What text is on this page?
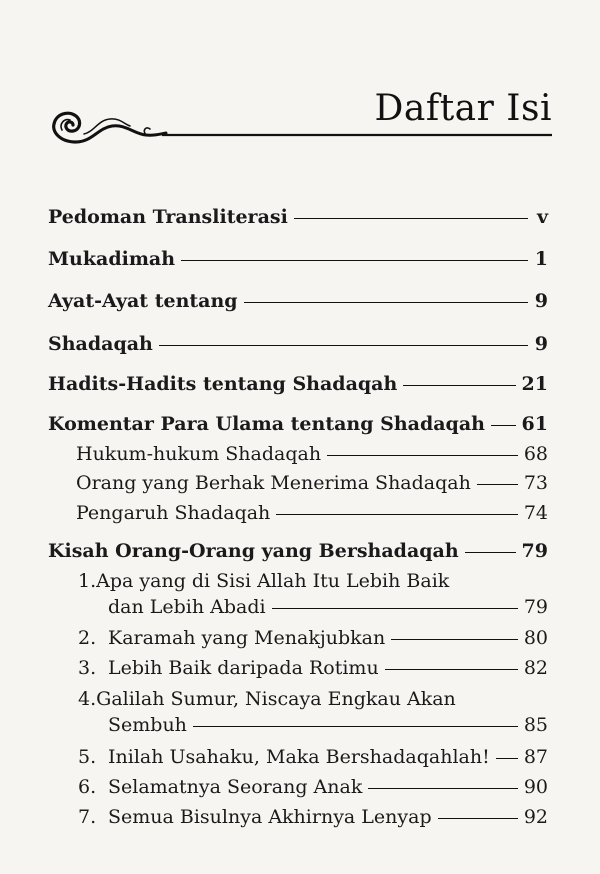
Daftar Isi
Pedoman Transliterasi	v
Mukadimah	1
Ayat-Ayat tentang	9
Shadaqah	9
Hadits-Hadits tentang Shadaqah	21
Komentar Para Ulama tentang Shadaqah 61
Hukum-hukum Shadaqah	68
Orang yang Berhak Menerima Shadaqah	73
Pengaruh Shadaqah	74
Kisah Orang-Orang yang Bershadaqah	79
1.Apa yang di Sisi Allah Itu Lebih Baik
dan Lebih Abadi	79
2. Karamah yang Menakjubkan	80
3. Lebih Baik daripada Rotimu	82
4.Galilah Sumur, Niscaya Engkau Akan
Sembuh	85
5. Inilah Usahaku, Maka Bershadaqahlah! 87
6. Selamatnya Seorang Anak	90
7. Semua Bisulnya Akhirnya Lenyap	92
